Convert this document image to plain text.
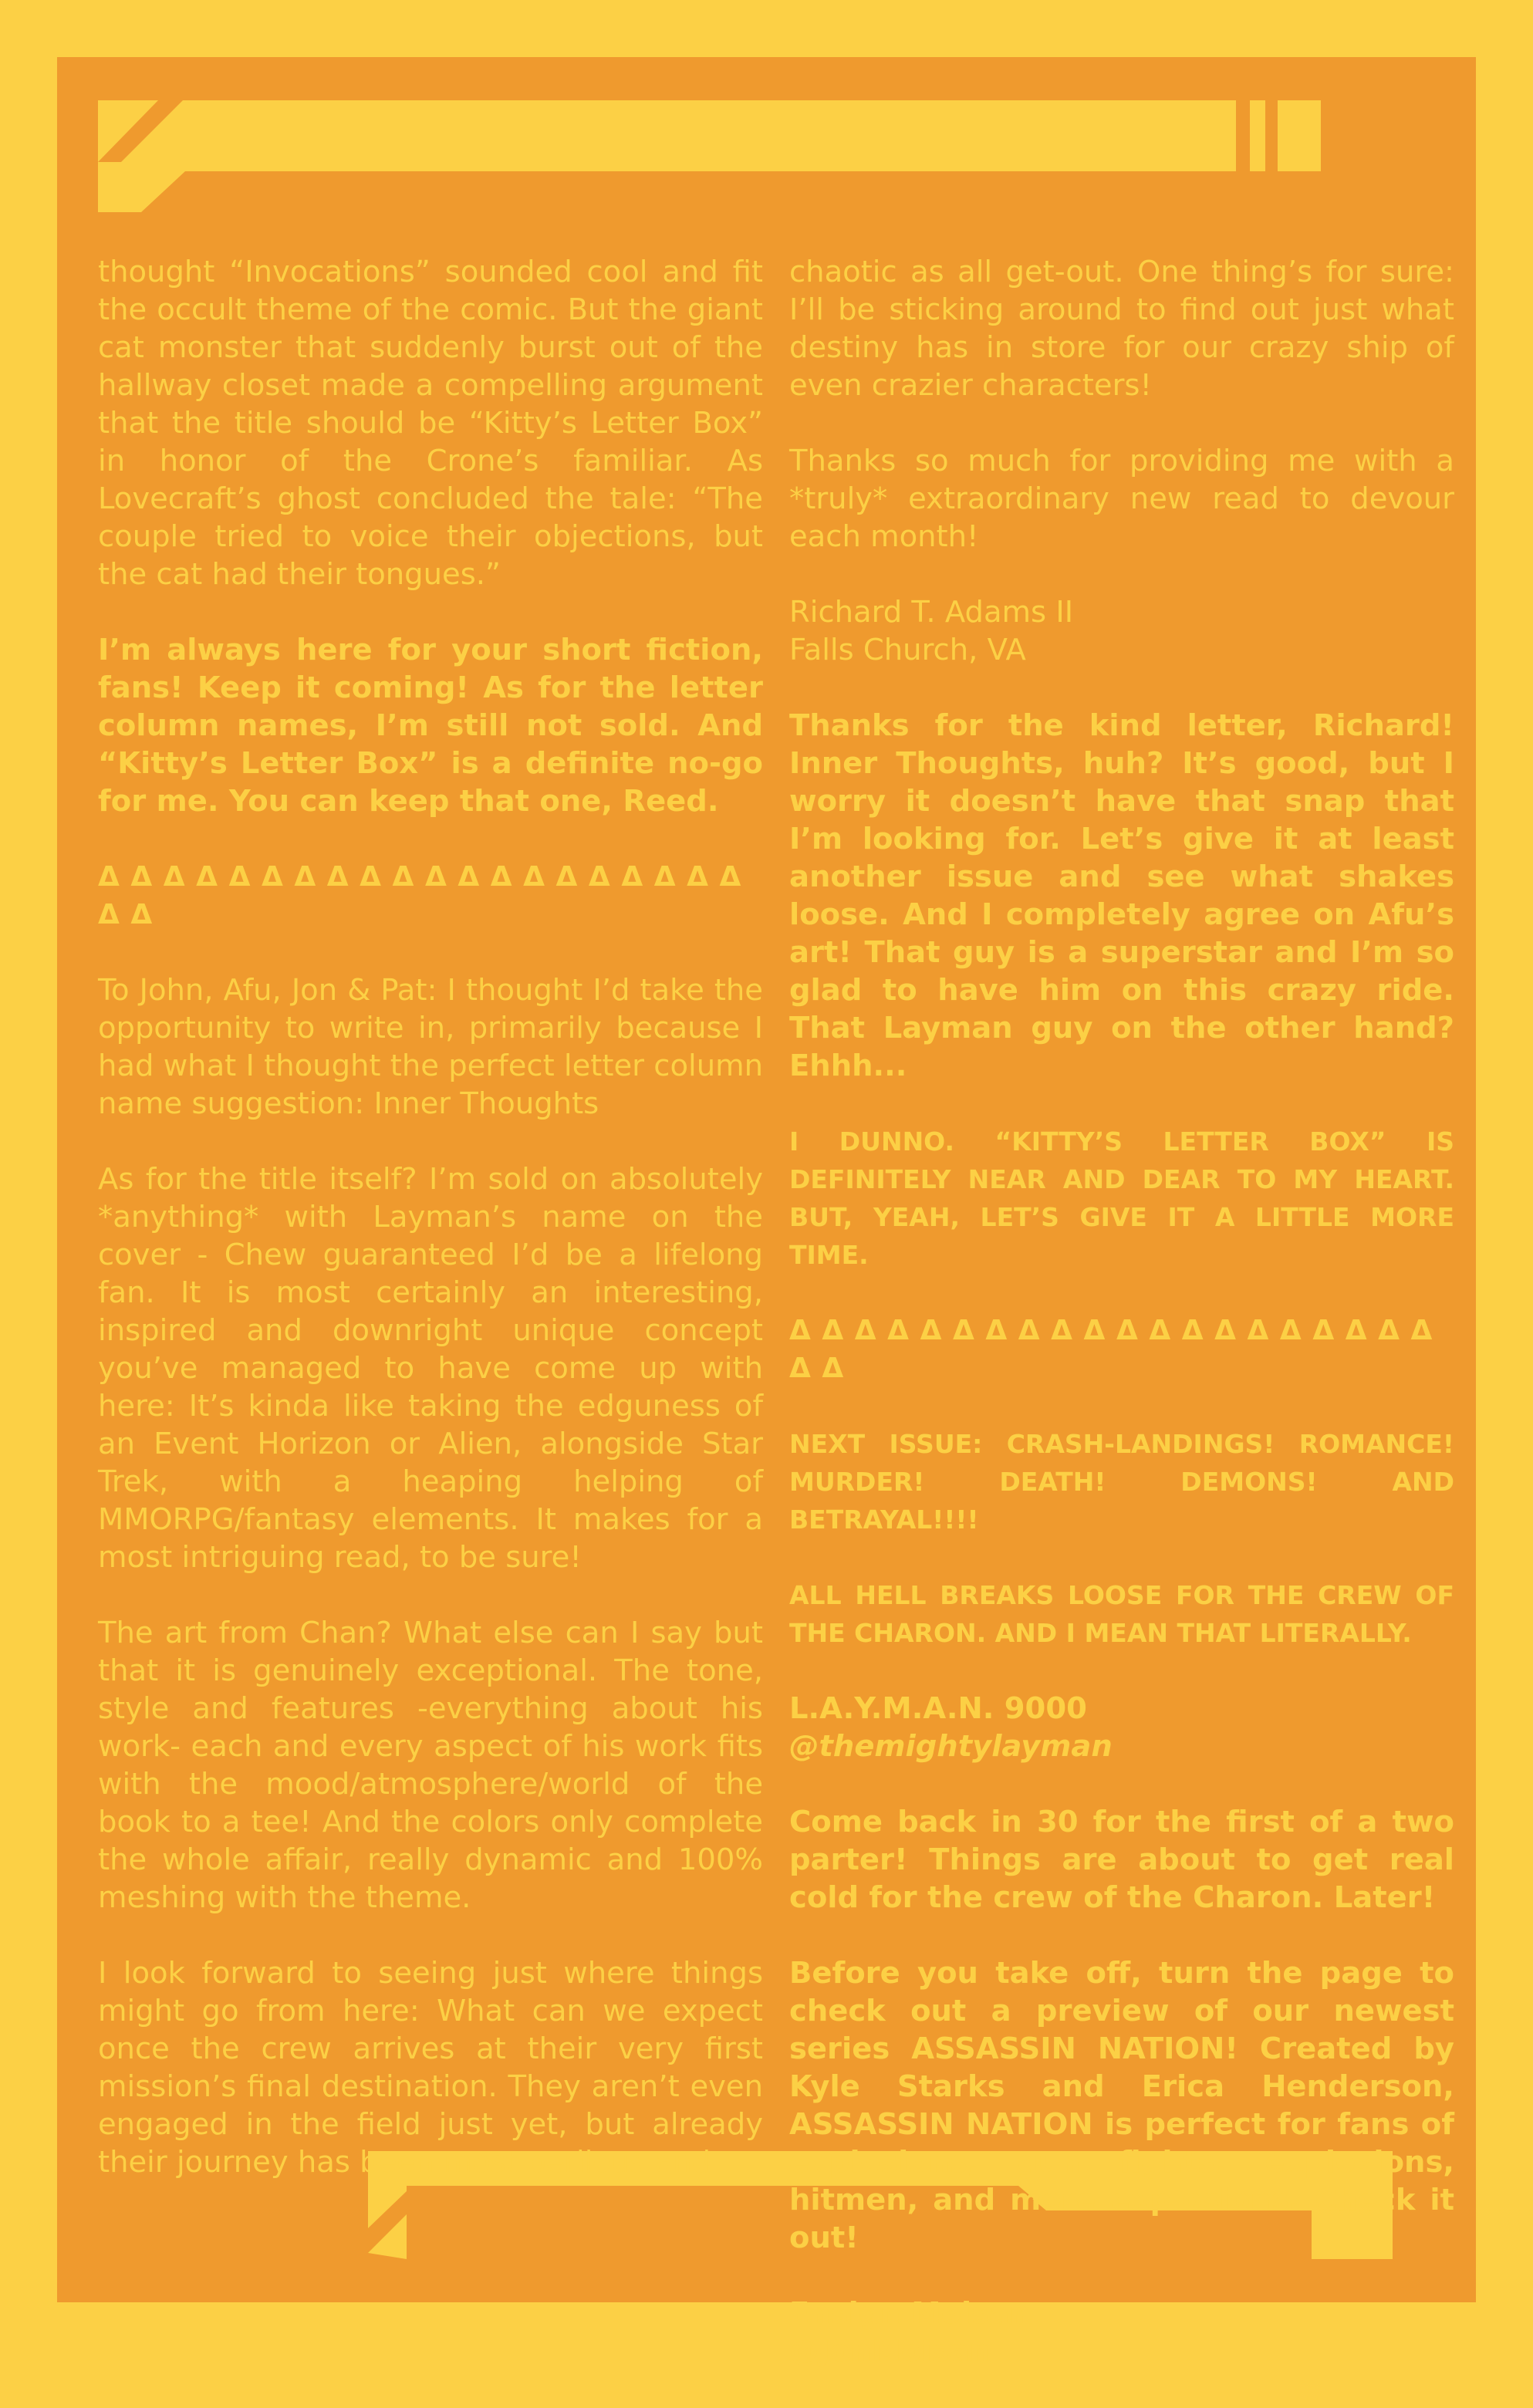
thought “Invocations” sounded cool and fit the occult theme of the comic. But the giant cat monster that suddenly burst out of the hallway closet made a compelling argument that the title should be “Kitty’s Letter Box” in honor of the Crone’s familiar. As Lovecraft’s ghost concluded the tale: “The couple tried to voice their objections, but the cat had their tongues.”

I’m always here for your short fiction, fans! Keep it coming! As for the letter column names, I’m still not sold. And “Kitty’s Letter Box” is a definite no-go for me. You can keep that one, Reed.

Δ Δ Δ Δ Δ Δ Δ Δ Δ Δ Δ Δ Δ Δ Δ Δ Δ Δ Δ Δ Δ Δ

To John, Afu, Jon & Pat: I thought I’d take the opportunity to write in, primarily because I had what I thought the perfect letter column name suggestion: Inner Thoughts

As for the title itself? I’m sold on absolutely *anything* with Layman’s name on the cover - Chew guaranteed I’d be a lifelong fan. It is most certainly an interesting, inspired and downright unique concept you’ve managed to have come up with here: It’s kinda like taking the edguness of an Event Horizon or Alien, alongside Star Trek, with a heaping helping of MMORPG/fantasy elements. It makes for a most intriguing read, to be sure!

The art from Chan? What else can I say but that it is genuinely exceptional. The tone, style and features -everything about his work- each and every aspect of his work fits with the mood/atmosphere/world of the book to a tee! And the colors only complete the whole affair, really dynamic and 100% meshing with the theme.

I look forward to seeing just where things might go from here: What can we expect once the crew arrives at their very first mission’s final destination. They aren’t even engaged in the field just yet, but already their journey has been most perilous and

chaotic as all get-out. One thing’s for sure: I’ll be sticking around to find out just what destiny has in store for our crazy ship of even crazier characters!

Thanks so much for providing me with a *truly* extraordinary new read to devour each month!

Richard T. Adams II
Falls Church, VA

Thanks for the kind letter, Richard! Inner Thoughts, huh? It’s good, but I worry it doesn’t have that snap that I’m looking for. Let’s give it at least another issue and see what shakes loose. And I completely agree on Afu’s art! That guy is a superstar and I’m so glad to have him on this crazy ride. That Layman guy on the other hand? Ehhh...

I DUNNO. “KITTY’S LETTER BOX” IS DEFINITELY NEAR AND DEAR TO MY HEART. BUT, YEAH, LET’S GIVE IT A LITTLE MORE TIME.

Δ Δ Δ Δ Δ Δ Δ Δ Δ Δ Δ Δ Δ Δ Δ Δ Δ Δ Δ Δ Δ Δ

NEXT ISSUE: CRASH-LANDINGS! ROMANCE! MURDER! DEATH! DEMONS! AND BETRAYAL!!!!

ALL HELL BREAKS LOOSE FOR THE CREW OF THE CHARON. AND I MEAN THAT LITERALLY.

L.A.Y.M.A.N. 9000
@themightylayman

Come back in 30 for the first of a two parter! Things are about to get real cold for the crew of the Charon. Later!

Before you take off, turn the page to check out a preview of our newest series ASSASSIN NATION! Created by Kyle Starks and Erica Henderson, ASSASSIN NATION is perfect for fans of explosions, gun fights, explosions, hitmen, and more explosions. Check it out!

Ensign Moisan
@JonMoisan
